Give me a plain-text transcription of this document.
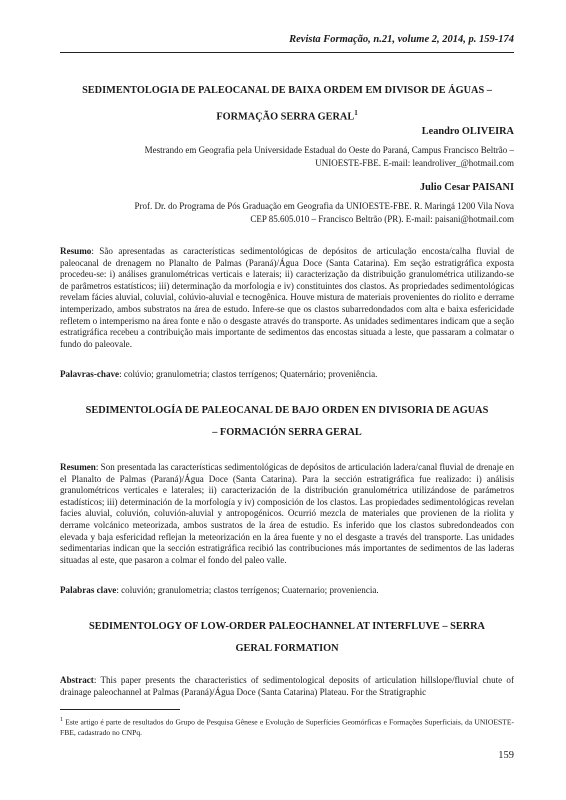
Revista Formação, n.21, volume 2, 2014, p. 159-174
SEDIMENTOLOGIA DE PALEOCANAL DE BAIXA ORDEM EM DIVISOR DE ÁGUAS –
FORMAÇÃO SERRA GERAL$^1$
Leandro OLIVEIRA
Mestrando em Geografia pela Universidade Estadual do Oeste do Paraná, Campus Francisco Beltrão –
UNIOESTE-FBE. E-mail: leandroliver_@hotmail.com
Julio Cesar PAISANI
Prof. Dr. do Programa de Pós Graduação em Geografia da UNIOESTE-FBE. R. Maringá 1200 Vila Nova
CEP 85.605.010 – Francisco Beltrão (PR). E-mail: paisani@hotmail.com
Resumo: São apresentadas as características sedimentológicas de depósitos de articulação encosta/calha fluvial de paleocanal de drenagem no Planalto de Palmas (Paraná)/Água Doce (Santa Catarina). Em seção estratigráfica exposta procedeu-se: i) análises granulométricas verticais e laterais; ii) caracterização da distribuição granulométrica utilizando-se de parâmetros estatísticos; iii) determinação da morfologia e iv) constituintes dos clastos. As propriedades sedimentológicas revelam fácies aluvial, coluvial, colúvio-aluvial e tecnogênica. Houve mistura de materiais provenientes do riolito e derrame intemperizado, ambos substratos na área de estudo. Infere-se que os clastos subarredondados com alta e baixa esfericidade refletem o intemperismo na área fonte e não o desgaste através do transporte. As unidades sedimentares indicam que a seção estratigráfica recebeu a contribuição mais importante de sedimentos das encostas situada a leste, que passaram a colmatar o fundo do paleovale.
Palavras-chave: colúvio; granulometria; clastos terrígenos; Quaternário; proveniência.
SEDIMENTOLOGÍA DE PALEOCANAL DE BAJO ORDEN EN DIVISORIA DE AGUAS
– FORMACIÓN SERRA GERAL
Resumen: Son presentada las características sedimentológicas de depósitos de articulación ladera/canal fluvial de drenaje en el Planalto de Palmas (Paraná)/Água Doce (Santa Catarina). Para la sección estratigráfica fue realizado: i) análisis granulométricos verticales e laterales; ii) caracterización de la distribución granulométrica utilizándose de parámetros estadísticos; iii) determinación de la morfología y iv) composición de los clastos. Las propiedades sedimentológicas revelan facies aluvial, coluvión, coluvión-aluvial y antropogénicos. Ocurrió mezcla de materiales que provienen de la riolita y derrame volcánico meteorizada, ambos sustratos de la área de estudio. Es inferido que los clastos subredondeados con elevada y baja esfericidad reflejan la meteorización en la área fuente y no el desgaste a través del transporte. Las unidades sedimentarias indican que la sección estratigráfica recibió las contribuciones más importantes de sedimentos de las laderas situadas al este, que pasaron a colmar el fondo del paleo valle.
Palabras clave: coluvión; granulometria; clastos terrígenos; Cuaternario; proveniencia.
SEDIMENTOLOGY OF LOW-ORDER PALEOCHANNEL AT INTERFLUVE – SERRA
GERAL FORMATION
Abstract: This paper presents the characteristics of sedimentological deposits of articulation hillslope/fluvial chute of drainage paleochannel at Palmas (Paraná)/Água Doce (Santa Catarina) Plateau. For the Stratigraphic
$^1$ Este artigo é parte de resultados do Grupo de Pesquisa Gênese e Evolução de Superfícies Geomórficas e Formações Superficiais, da UNIOESTE-FBE, cadastrado no CNPq.
159
